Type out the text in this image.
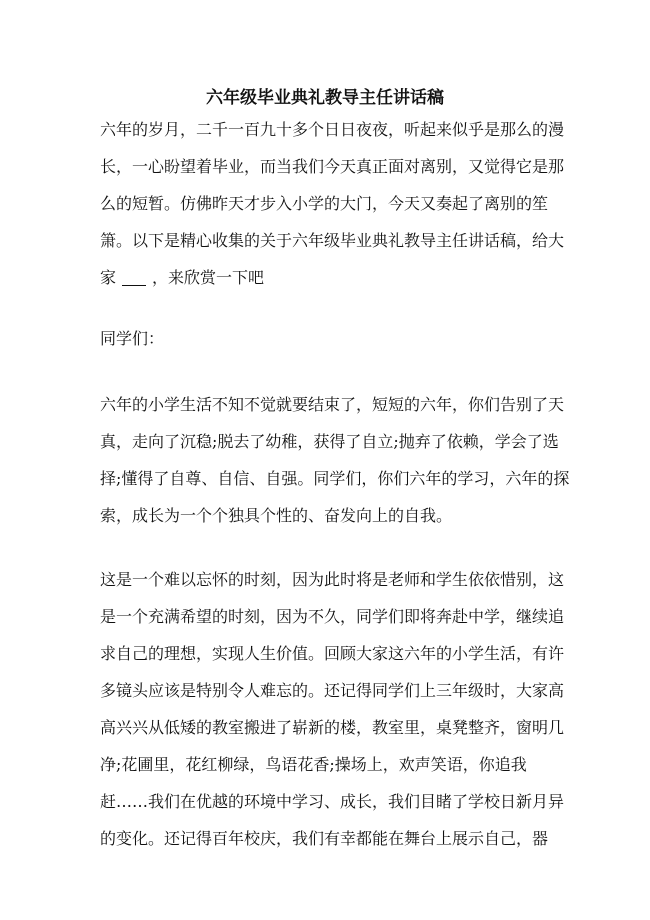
六年级毕业典礼教导主任讲话稿
六年的岁月，二千一百九十多个日日夜夜，听起来似乎是那么的漫
长，一心盼望着毕业，而当我们今天真正面对离别，又觉得它是那
么的短暂。仿佛昨天才步入小学的大门，今天又奏起了离别的笙
箫。以下是精心收集的关于六年级毕业典礼教导主任讲话稿，给大
家 ，来欣赏一下吧
同学们：
六年的小学生活不知不觉就要结束了，短短的六年，你们告别了天
真，走向了沉稳;脱去了幼稚，获得了自立;抛弃了依赖，学会了选
择;懂得了自尊、自信、自强。同学们，你们六年的学习，六年的探
索，成长为一个个独具个性的、奋发向上的自我。
这是一个难以忘怀的时刻，因为此时将是老师和学生依依惜别，这
是一个充满希望的时刻，因为不久，同学们即将奔赴中学，继续追
求自己的理想，实现人生价值。回顾大家这六年的小学生活，有许
多镜头应该是特别令人难忘的。还记得同学们上三年级时，大家高
高兴兴从低矮的教室搬进了崭新的楼，教室里，桌凳整齐，窗明几
净;花圃里，花红柳绿，鸟语花香;操场上，欢声笑语，你追我
赶……我们在优越的环境中学习、成长，我们目睹了学校日新月异
的变化。还记得百年校庆，我们有幸都能在舞台上展示自己，器
